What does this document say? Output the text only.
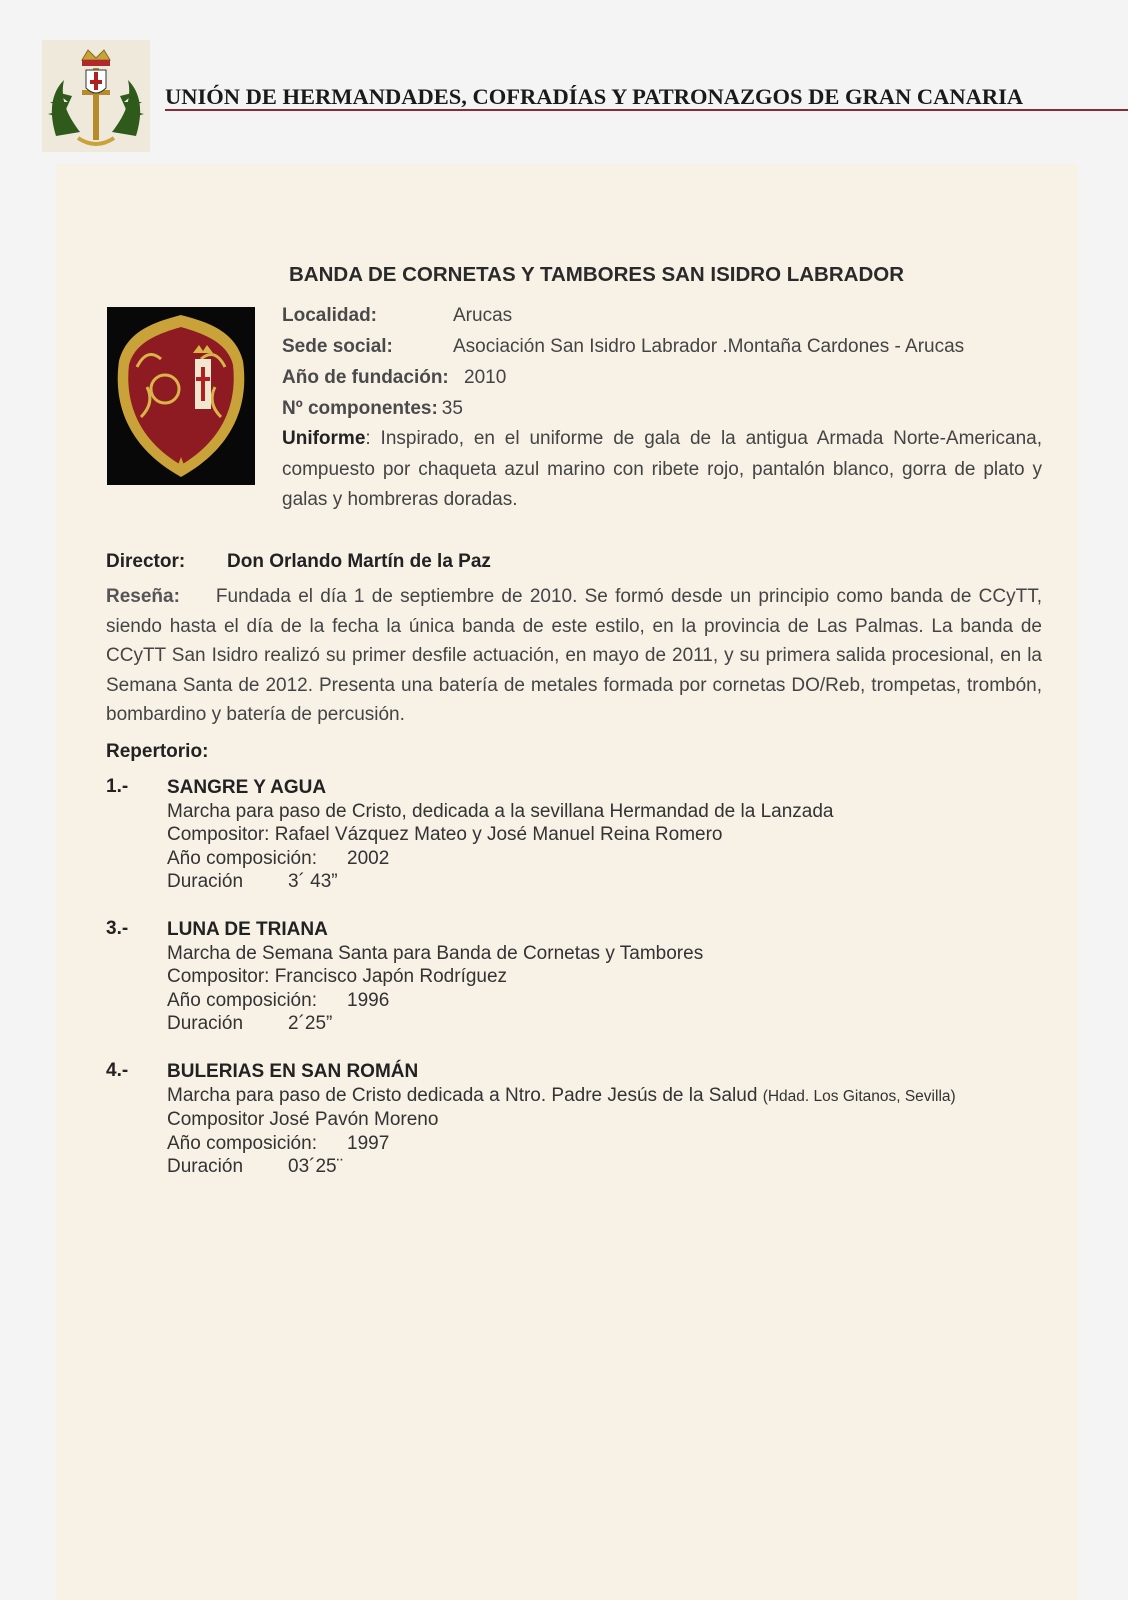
UNIÓN DE HERMANDADES, COFRADÍAS Y PATRONAZGOS DE GRAN CANARIA
BANDA DE CORNETAS Y TAMBORES SAN ISIDRO LABRADOR
Localidad:	Arucas
Sede social:	Asociación San Isidro Labrador .Montaña Cardones - Arucas
Año de fundación: 2010
Nº componentes: 35
Uniforme: Inspirado, en el uniforme de gala de la antigua Armada Norte-Americana, compuesto por chaqueta azul marino con ribete rojo, pantalón blanco, gorra de plato y galas y hombreras doradas.
Director: Don Orlando Martín de la Paz
Reseña: Fundada el día 1 de septiembre de 2010. Se formó desde un principio como banda de CCyTT, siendo hasta el día de la fecha la única banda de este estilo, en la provincia de Las Palmas. La banda de CCyTT San Isidro realizó su primer desfile actuación, en mayo de 2011, y su primera salida procesional, en la Semana Santa de 2012. Presenta una batería de metales formada por cornetas DO/Reb, trompetas, trombón, bombardino y batería de percusión.
Repertorio:
1.- SANGRE Y AGUA
Marcha para paso de Cristo, dedicada a la sevillana Hermandad de la Lanzada
Compositor: Rafael Vázquez Mateo y José Manuel Reina Romero
Año composición: 2002
Duración 3´ 43”
3.- LUNA DE TRIANA
Marcha de Semana Santa para Banda de Cornetas y Tambores
Compositor: Francisco Japón Rodríguez
Año composición: 1996
Duración 2´25”
4.- BULERIAS EN SAN ROMÁN
Marcha para paso de Cristo dedicada a Ntro. Padre Jesús de la Salud (Hdad. Los Gitanos, Sevilla)
Compositor José Pavón Moreno
Año composición: 1997
Duración 03´25¨
